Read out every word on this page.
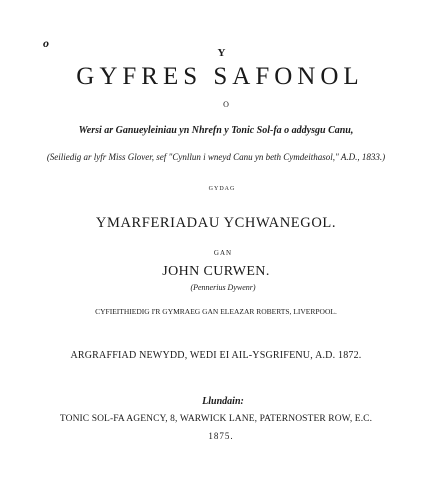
o
Y
GYFRES SAFONOL
O
Wersi ar Ganueyleiniau yn Nhrefn y Tonic Sol-fa o addysgu Canu,
(Seiliedig ar lyfr Miss Glover, sef "Cynllun i wneyd Canu yn beth Cymdeithasol," A.D., 1833.)
GYDAG
YMARFERIADAU YCHWANEGOL.
GAN
JOHN CURWEN.
(Pennerius Dywenr)
CYFIEITHIEDIG I'R GYMRAEG GAN ELEAZAR ROBERTS, LIVERPOOL.
ARGRAFFIAD NEWYDD, WEDI EI AIL-YSGRIFENU, A.D. 1872.
Llundain:
TONIC SOL-FA AGENCY, 8, WARWICK LANE, PATERNOSTER ROW, E.C.
1875.
